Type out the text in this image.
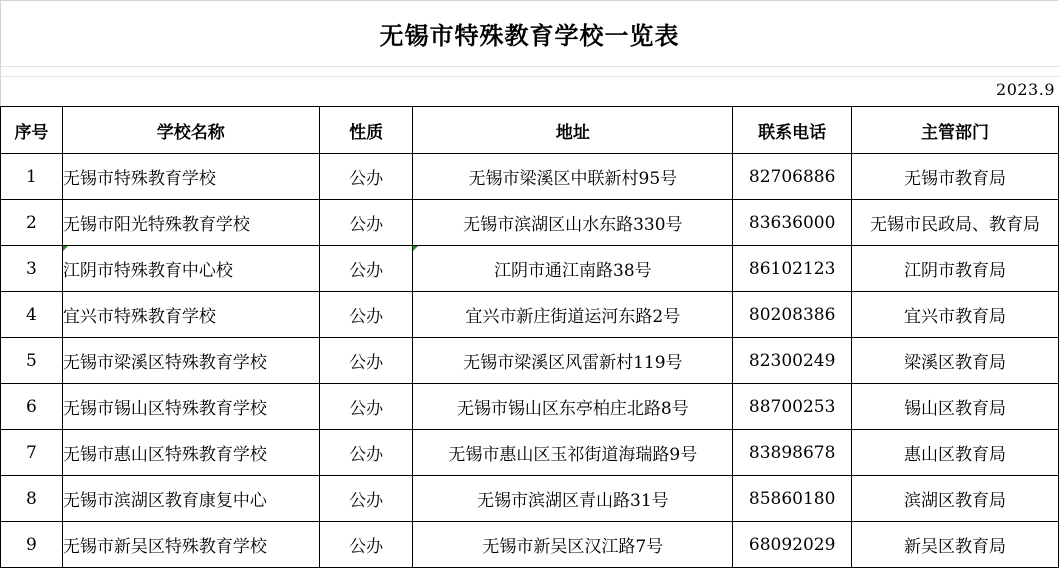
无锡市特殊教育学校一览表
2023.9
序号	学校名称	性质	地址	联系电话	主管部门
1	无锡市特殊教育学校	公办	无锡市梁溪区中联新村95号	82706886	无锡市教育局
2	无锡市阳光特殊教育学校	公办	无锡市滨湖区山水东路330号	83636000	无锡市民政局、教育局
3	江阴市特殊教育中心校	公办	江阴市通江南路38号	86102123	江阴市教育局
4	宜兴市特殊教育学校	公办	宜兴市新庄街道运河东路2号	80208386	宜兴市教育局
5	无锡市梁溪区特殊教育学校	公办	无锡市梁溪区风雷新村119号	82300249	梁溪区教育局
6	无锡市锡山区特殊教育学校	公办	无锡市锡山区东亭柏庄北路8号	88700253	锡山区教育局
7	无锡市惠山区特殊教育学校	公办	无锡市惠山区玉祁街道海瑞路9号	83898678	惠山区教育局
8	无锡市滨湖区教育康复中心	公办	无锡市滨湖区青山路31号	85860180	滨湖区教育局
9	无锡市新吴区特殊教育学校	公办	无锡市新吴区汉江路7号	68092029	新吴区教育局
